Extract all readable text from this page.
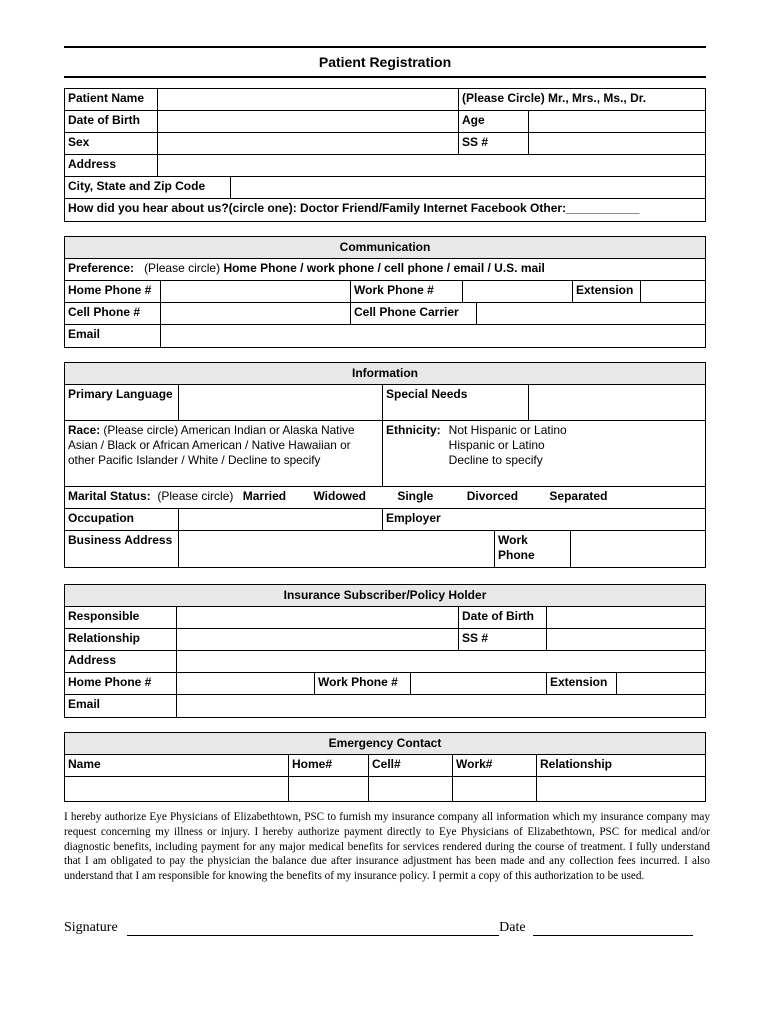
Patient Registration
Patient Name	(Please Circle) Mr., Mrs., Ms., Dr.
Date of Birth	Age
Sex	SS #
Address
City, State and Zip Code
How did you hear about us?(circle one): Doctor Friend/Family Internet Facebook Other:___________
Communication
Preference: (Please circle) Home Phone / work phone / cell phone / email / U.S. mail
Home Phone #	Work Phone #	Extension
Cell Phone #	Cell Phone Carrier
Email
Information
Primary Language	Special Needs
Race: (Please circle) American Indian or Alaska Native Asian / Black or African American / Native Hawaiian or other Pacific Islander / White / Decline to specify
Ethnicity: Not Hispanic or Latino
Hispanic or Latino
Decline to specify
Marital Status: (Please circle) Married Widowed	Single	Divorced	Separated
Occupation	Employer
Business Address	Work Phone
Insurance Subscriber/Policy Holder
Responsible	Date of Birth
Relationship	SS #
Address
Home Phone #	Work Phone #	Extension
Email
Emergency Contact
Name	Home#	Cell#	Work#	Relationship
I hereby authorize Eye Physicians of Elizabethtown, PSC to furnish my insurance company all information which my insurance company may request concerning my illness or injury. I hereby authorize payment directly to Eye Physicians of Elizabethtown, PSC for medical and/or diagnostic benefits, including payment for any major medical benefits for services rendered during the course of treatment. I fully understand that I am obligated to pay the physician the balance due after insurance adjustment has been made and any collection fees incurred. I also understand that I am responsible for knowing the benefits of my insurance policy. I permit a copy of this authorization to be used.
Signature	Date
